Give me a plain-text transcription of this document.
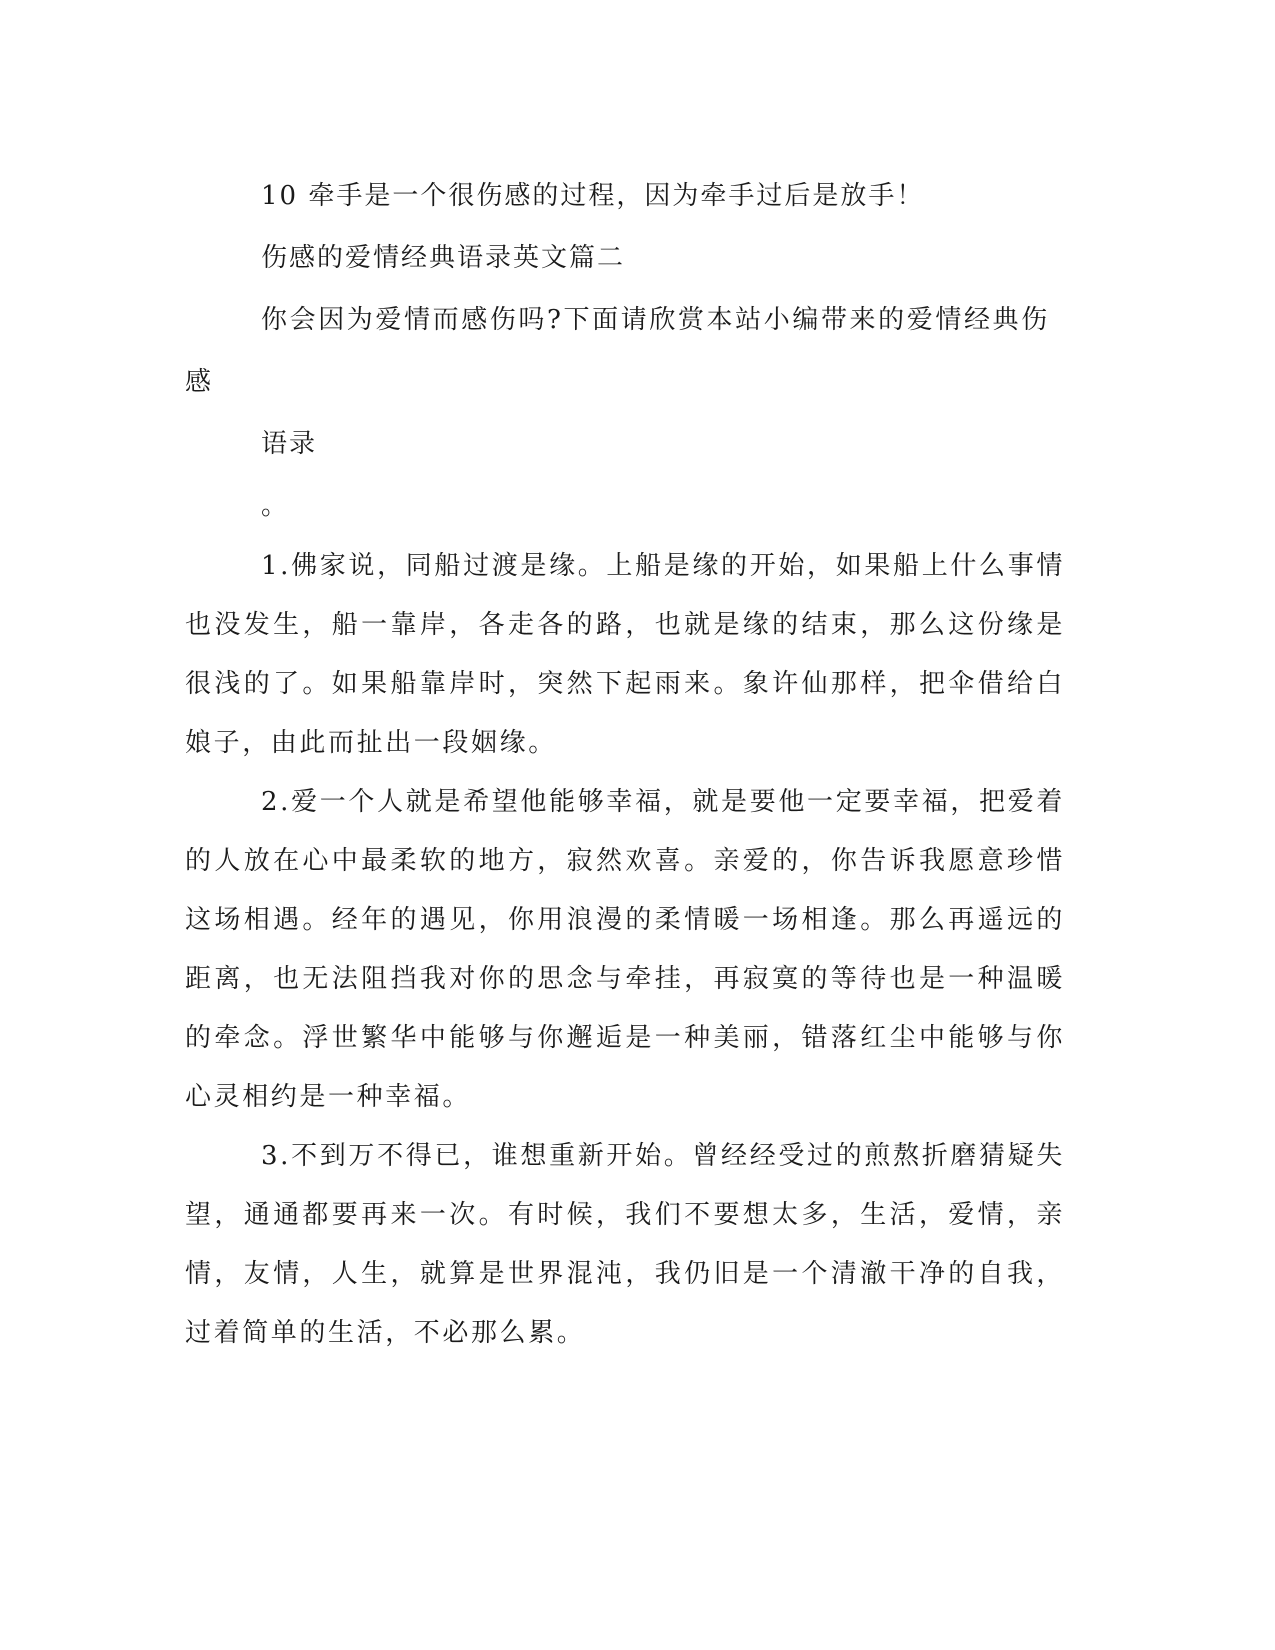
10 牵手是一个很伤感的过程，因为牵手过后是放手！

伤感的爱情经典语录英文篇二

你会因为爱情而感伤吗?下面请欣赏本站小编带来的爱情经典伤感

语录

。

1.佛家说，同船过渡是缘。上船是缘的开始，如果船上什么事情也没发生，船一靠岸，各走各的路，也就是缘的结束，那么这份缘是很浅的了。如果船靠岸时，突然下起雨来。象许仙那样，把伞借给白娘子，由此而扯出一段姻缘。

2.爱一个人就是希望他能够幸福，就是要他一定要幸福，把爱着的人放在心中最柔软的地方，寂然欢喜。亲爱的，你告诉我愿意珍惜这场相遇。经年的遇见，你用浪漫的柔情暖一场相逢。那么再遥远的距离，也无法阻挡我对你的思念与牵挂，再寂寞的等待也是一种温暖的牵念。浮世繁华中能够与你邂逅是一种美丽，错落红尘中能够与你心灵相约是一种幸福。

3.不到万不得已，谁想重新开始。曾经经受过的煎熬折磨猜疑失望，通通都要再来一次。有时候，我们不要想太多，生活，爱情，亲情，友情，人生，就算是世界混沌，我仍旧是一个清澈干净的自我，过着简单的生活，不必那么累。
